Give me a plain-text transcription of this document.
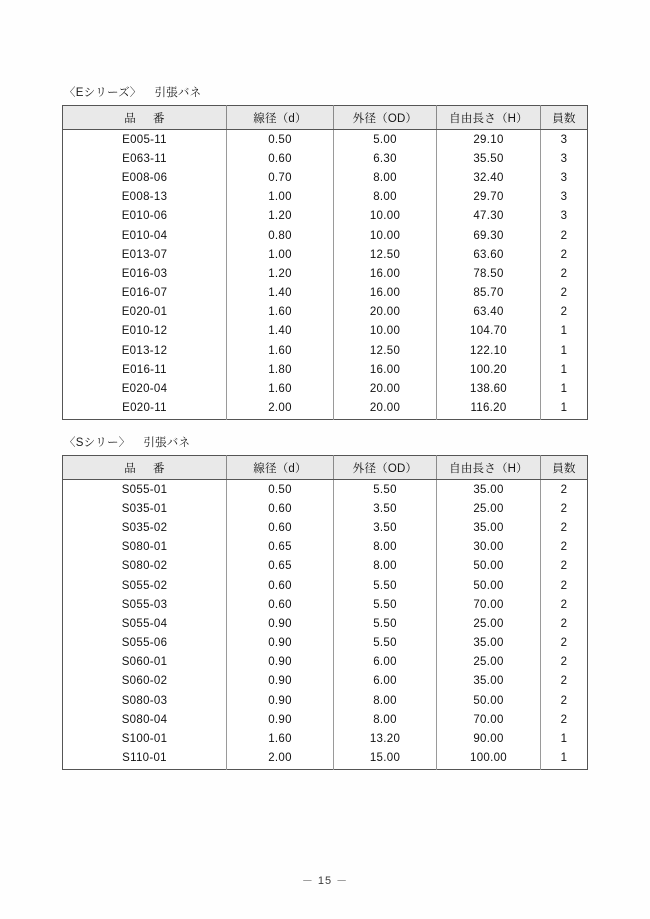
〈Eシリーズ〉 引張バネ
品 番	線径（d）	外径（OD）	自由長さ（H）	員数
E005-11	0.50	5.00	29.10	3
E063-11	0.60	6.30	35.50	3
E008-06	0.70	8.00	32.40	3
E008-13	1.00	8.00	29.70	3
E010-06	1.20	10.00	47.30	3
E010-04	0.80	10.00	69.30	2
E013-07	1.00	12.50	63.60	2
E016-03	1.20	16.00	78.50	2
E016-07	1.40	16.00	85.70	2
E020-01	1.60	20.00	63.40	2
E010-12	1.40	10.00	104.70	1
E013-12	1.60	12.50	122.10	1
E016-11	1.80	16.00	100.20	1
E020-04	1.60	20.00	138.60	1
E020-11	2.00	20.00	116.20	1
〈Sシリー〉 引張バネ
品 番	線径（d）	外径（OD）	自由長さ（H）	員数
S055-01	0.50	5.50	35.00	2
S035-01	0.60	3.50	25.00	2
S035-02	0.60	3.50	35.00	2
S080-01	0.65	8.00	30.00	2
S080-02	0.65	8.00	50.00	2
S055-02	0.60	5.50	50.00	2
S055-03	0.60	5.50	70.00	2
S055-04	0.90	5.50	25.00	2
S055-06	0.90	5.50	35.00	2
S060-01	0.90	6.00	25.00	2
S060-02	0.90	6.00	35.00	2
S080-03	0.90	8.00	50.00	2
S080-04	0.90	8.00	70.00	2
S100-01	1.60	13.20	90.00	1
S110-01	2.00	15.00	100.00	1
－ 15 －
